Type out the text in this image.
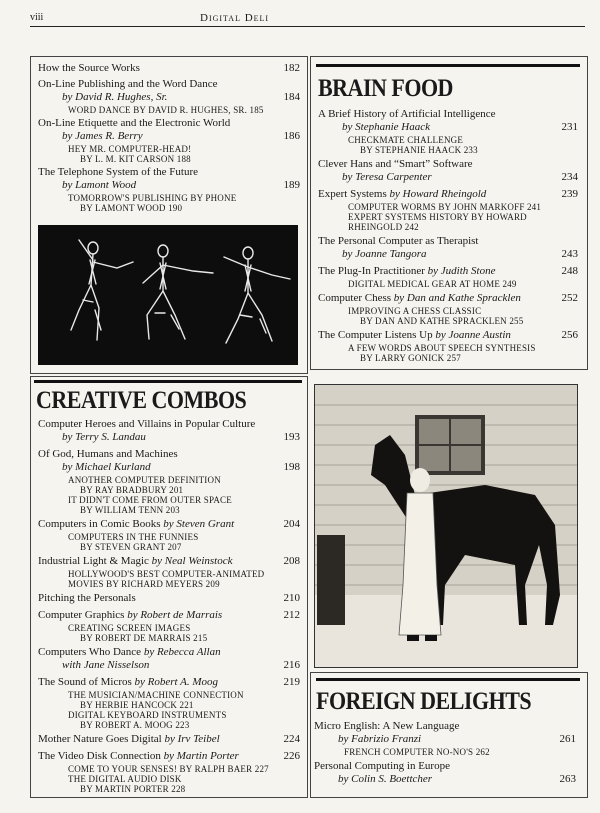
viii	Digital Deli
BRAIN FOOD
CREATIVE COMBOS
FOREIGN DELIGHTS
How the Source Works	182
On-Line Publishing and the Word Dance
by David R. Hughes, Sr.	184
WORD DANCE BY DAVID R. HUGHES, SR. 185
On-Line Etiquette and the Electronic World
by James R. Berry	186
HEY MR. COMPUTER-HEAD!
BY L. M. KIT CARSON 188
The Telephone System of the Future
by Lamont Wood	189
TOMORROW'S PUBLISHING BY PHONE
BY LAMONT WOOD 190
Computer Heroes and Villains in Popular Culture
by Terry S. Landau	193
Of God, Humans and Machines
by Michael Kurland	198
ANOTHER COMPUTER DEFINITION
BY RAY BRADBURY 201
IT DIDN'T COME FROM OUTER SPACE
BY WILLIAM TENN 203
Computers in Comic Books by Steven Grant	204
COMPUTERS IN THE FUNNIES
BY STEVEN GRANT 207
Industrial Light & Magic by Neal Weinstock	208
HOLLYWOOD'S BEST COMPUTER-ANIMATED
MOVIES BY RICHARD MEYERS 209
Pitching the Personals	210
Computer Graphics by Robert de Marrais	212
CREATING SCREEN IMAGES
BY ROBERT DE MARRAIS 215
Computers Who Dance by Rebecca Allan
with Jane Nisselson	216
The Sound of Micros by Robert A. Moog	219
THE MUSICIAN/MACHINE CONNECTION
BY HERBIE HANCOCK 221
DIGITAL KEYBOARD INSTRUMENTS
BY ROBERT A. MOOG 223
Mother Nature Goes Digital by Irv Teibel	224
The Video Disk Connection by Martin Porter	226
COME TO YOUR SENSES! BY RALPH BAER 227
THE DIGITAL AUDIO DISK
BY MARTIN PORTER 228
A Brief History of Artificial Intelligence
by Stephanie Haack	231
CHECKMATE CHALLENGE
BY STEPHANIE HAACK 233
Clever Hans and “Smart” Software
by Teresa Carpenter	234
Expert Systems by Howard Rheingold	239
COMPUTER WORMS BY JOHN MARKOFF 241
EXPERT SYSTEMS HISTORY BY HOWARD
RHEINGOLD 242
The Personal Computer as Therapist
by Joanne Tangora	243
The Plug-In Practitioner by Judith Stone	248
DIGITAL MEDICAL GEAR AT HOME 249
Computer Chess by Dan and Kathe Spracklen	252
IMPROVING A CHESS CLASSIC
BY DAN AND KATHE SPRACKLEN 255
The Computer Listens Up by Joanne Austin	256
A FEW WORDS ABOUT SPEECH SYNTHESIS
BY LARRY GONICK 257
Micro English: A New Language
by Fabrizio Franzi	261
FRENCH COMPUTER NO-NO'S 262
Personal Computing in Europe
by Colin S. Boettcher	263
